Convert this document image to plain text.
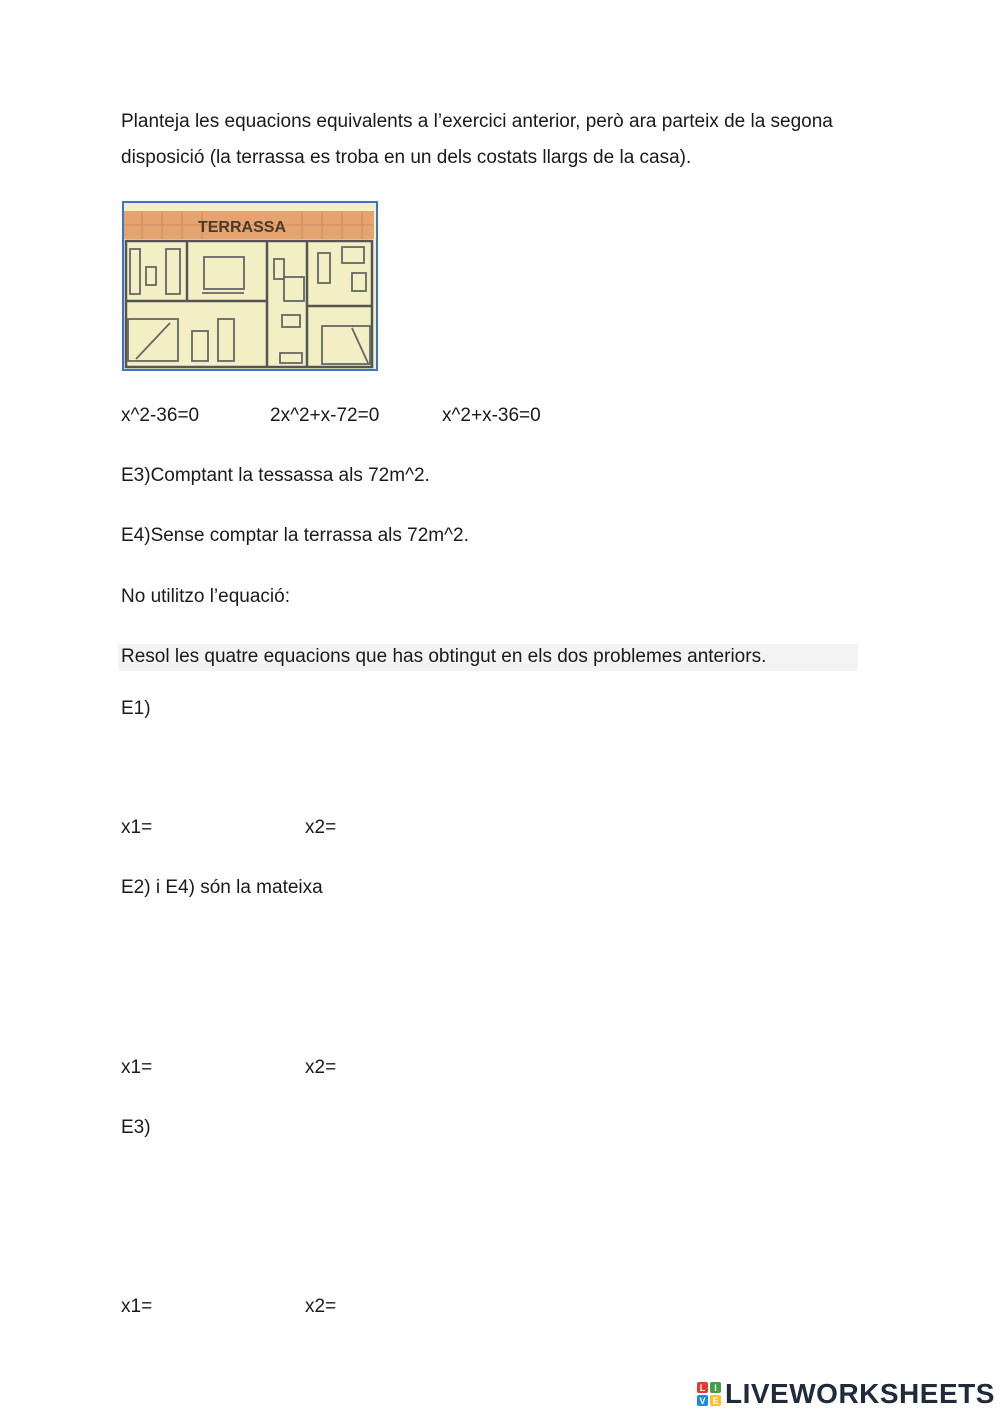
Planteja les equacions equivalents a l’exercici anterior, però ara parteix de la segona
disposició (la terrassa es troba en un dels costats llargs de la casa).
TERRASSA
x^2-36=0	2x^2+x-72=0	x^2+x-36=0
E3)Comptant la tessassa als 72m^2.
E4)Sense comptar la terrassa als 72m^2.
No utilitzo l’equació:
Resol les quatre equacions que has obtingut en els dos problemes anteriors.
E1)
x1=	x2=
E2) i E4) són la mateixa
x1=	x2=
E3)
x1=	x2=
L I
V E LIVEWORKSHEETS
